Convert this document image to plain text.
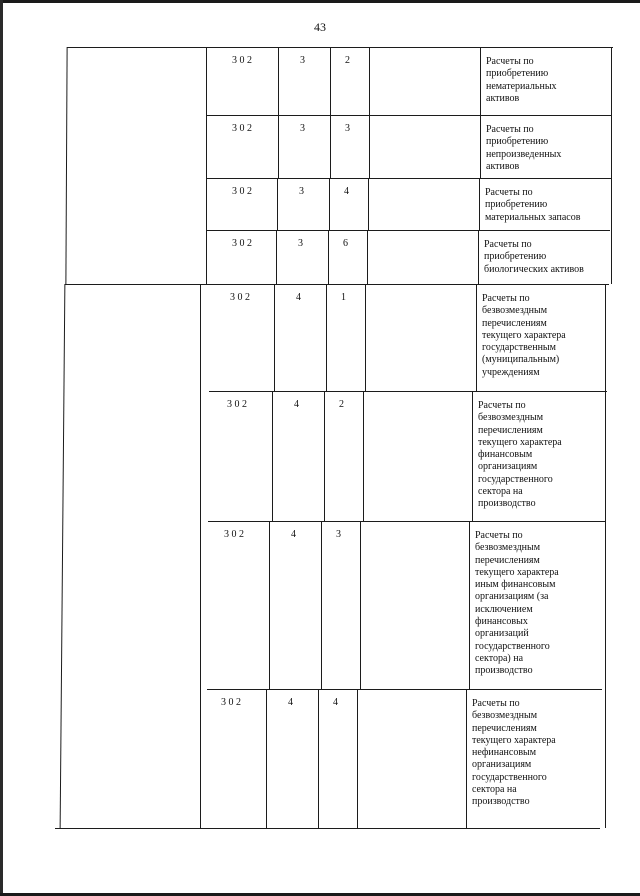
43
3 0 2	3	2	Расчеты по
приобретению
нематериальных
активов
3 0 2	3	3	Расчеты по
приобретению
непроизведенных
активов
3 0 2	3	4	Расчеты по
приобретению
материальных запасов
3 0 2	3	6	Расчеты по
приобретению
биологических активов
3 0 2	4	1	Расчеты по
безвозмездным
перечислениям
текущего характера
государственным
(муниципальным)
учреждениям
3 0 2	4	2	Расчеты по
безвозмездным
перечислениям
текущего характера
финансовым
организациям
государственного
сектора на
производство
3 0 2	4	3	Расчеты по
безвозмездным
перечислениям
текущего характера
иным финансовым
организациям (за
исключением
финансовых
организаций
государственного
сектора) на
производство
3 0 2	4	4	Расчеты по
безвозмездным
перечислениям
текущего характера
нефинансовым
организациям
государственного
сектора на
производство
